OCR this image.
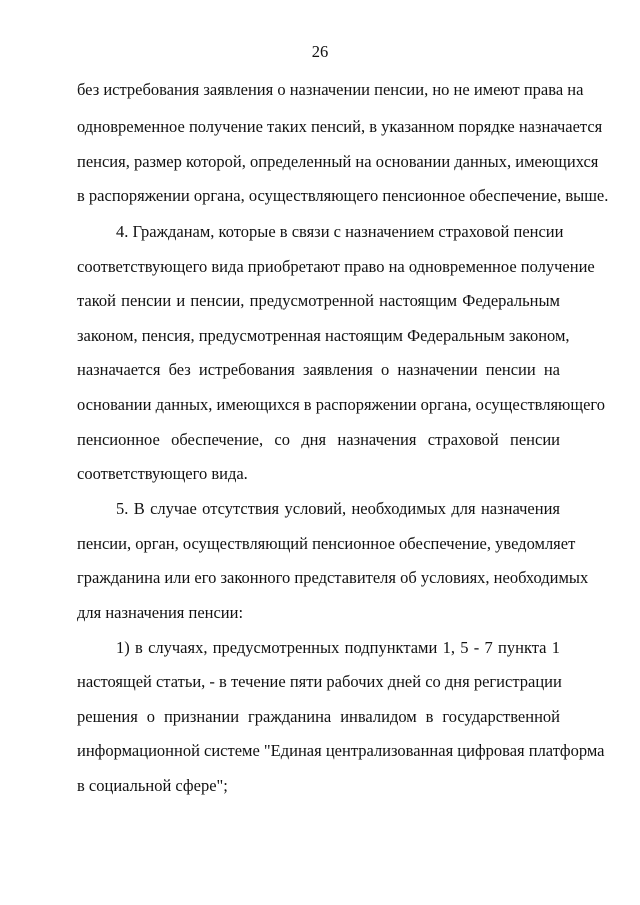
26
без истребования заявления о назначении пенсии, но не имеют права на
одновременное получение таких пенсий, в указанном порядке назначается
пенсия, размер которой, определенный на основании данных, имеющихся
в распоряжении органа, осуществляющего пенсионное обеспечение, выше.
4. Гражданам, которые в связи с назначением страховой пенсии
соответствующего вида приобретают право на одновременное получение
такой пенсии и пенсии, предусмотренной настоящим Федеральным
законом, пенсия, предусмотренная настоящим Федеральным законом,
назначается без истребования заявления о назначении пенсии на
основании данных, имеющихся в распоряжении органа, осуществляющего
пенсионное обеспечение, со дня назначения страховой пенсии
соответствующего вида.
5. В случае отсутствия условий, необходимых для назначения
пенсии, орган, осуществляющий пенсионное обеспечение, уведомляет
гражданина или его законного представителя об условиях, необходимых
для назначения пенсии:
1) в случаях, предусмотренных подпунктами 1, 5 - 7 пункта 1
настоящей статьи, - в течение пяти рабочих дней со дня регистрации
решения о признании гражданина инвалидом в государственной
информационной системе "Единая централизованная цифровая платформа
в социальной сфере";
